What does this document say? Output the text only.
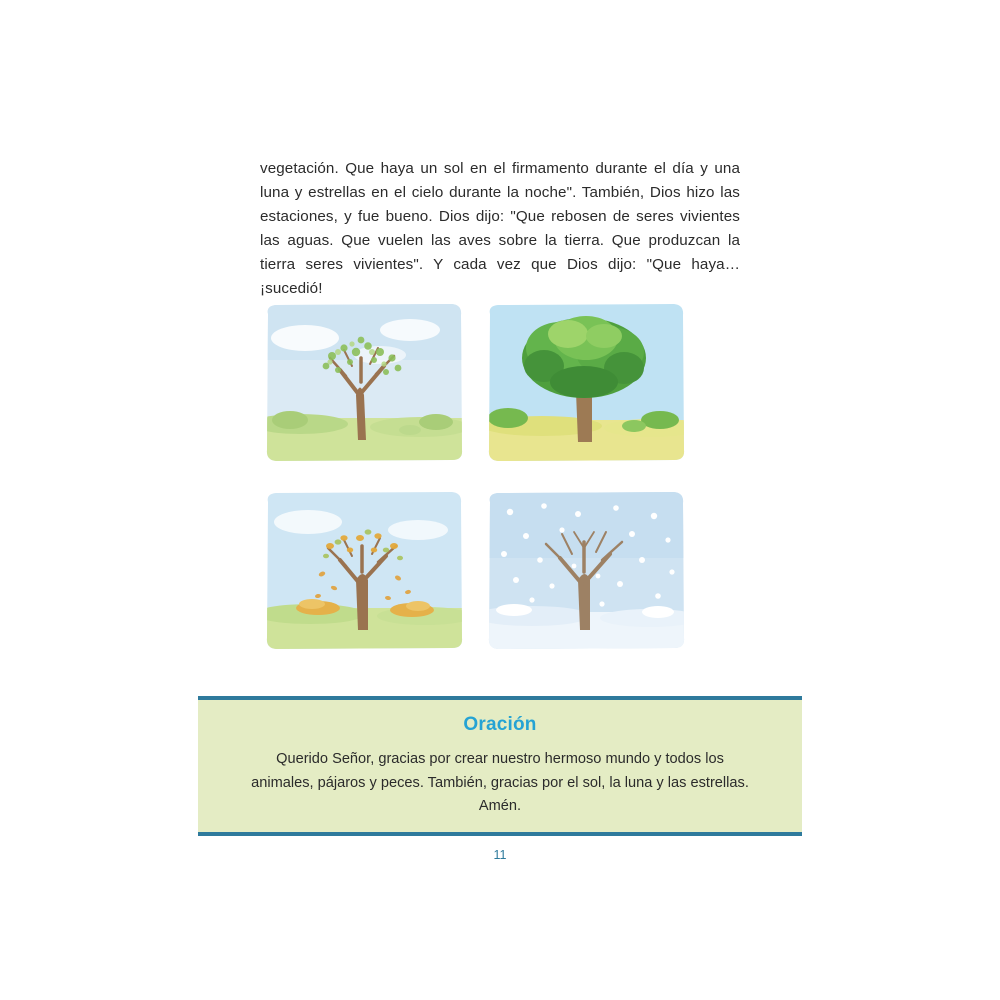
vegetación. Que haya un sol en el firmamento durante el día y una luna y estrellas en el cielo durante la noche". También, Dios hizo las estaciones, y fue bueno. Dios dijo: "Que rebosen de seres vivientes las aguas. Que vuelen las aves sobre la tierra. Que produzcan la tierra seres vivientes". Y cada vez que Dios dijo: "Que haya… ¡sucedió!

Oración
Querido Señor, gracias por crear nuestro hermoso mundo y todos los animales, pájaros y peces. También, gracias por el sol, la luna y las estrellas. Amén.
11
